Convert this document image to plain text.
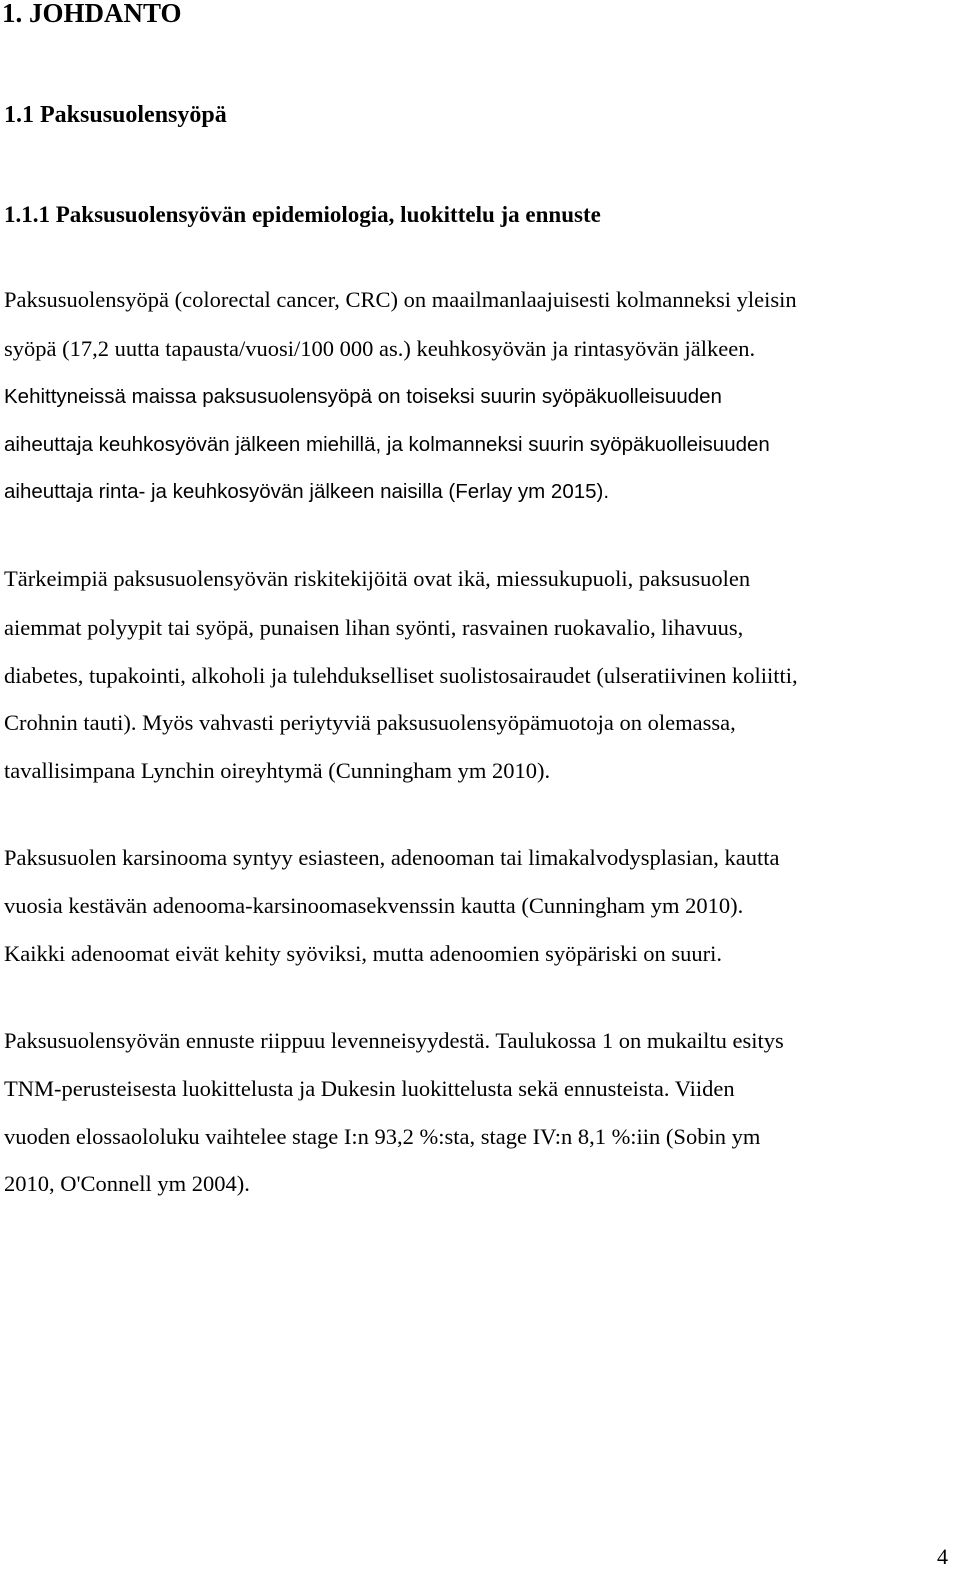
1. JOHDANTO
1.1 Paksusuolensyöpä
1.1.1 Paksusuolensyövän epidemiologia, luokittelu ja ennuste
Paksusuolensyöpä (colorectal cancer, CRC) on maailmanlaajuisesti kolmanneksi yleisin
syöpä (17,2 uutta tapausta/vuosi/100 000 as.) keuhkosyövän ja rintasyövän jälkeen.
Kehittyneissä maissa paksusuolensyöpä on toiseksi suurin syöpäkuolleisuuden
aiheuttaja keuhkosyövän jälkeen miehillä, ja kolmanneksi suurin syöpäkuolleisuuden
aiheuttaja rinta- ja keuhkosyövän jälkeen naisilla (Ferlay ym 2015).
Tärkeimpiä paksusuolensyövän riskitekijöitä ovat ikä, miessukupuoli, paksusuolen
aiemmat polyypit tai syöpä, punaisen lihan syönti, rasvainen ruokavalio, lihavuus,
diabetes, tupakointi, alkoholi ja tulehdukselliset suolistosairaudet (ulseratiivinen koliitti,
Crohnin tauti). Myös vahvasti periytyviä paksusuolensyöpämuotoja on olemassa,
tavallisimpana Lynchin oireyhtymä (Cunningham ym 2010).
Paksusuolen karsinooma syntyy esiasteen, adenooman tai limakalvodysplasian, kautta
vuosia kestävän adenooma-karsinoomasekvenssin kautta (Cunningham ym 2010).
Kaikki adenoomat eivät kehity syöviksi, mutta adenoomien syöpäriski on suuri.
Paksusuolensyövän ennuste riippuu levenneisyydestä. Taulukossa 1 on mukailtu esitys
TNM-perusteisesta luokittelusta ja Dukesin luokittelusta sekä ennusteista. Viiden
vuoden elossaololuku vaihtelee stage I:n 93,2 %:sta, stage IV:n 8,1 %:iin (Sobin ym
2010, O'Connell ym 2004).
4
